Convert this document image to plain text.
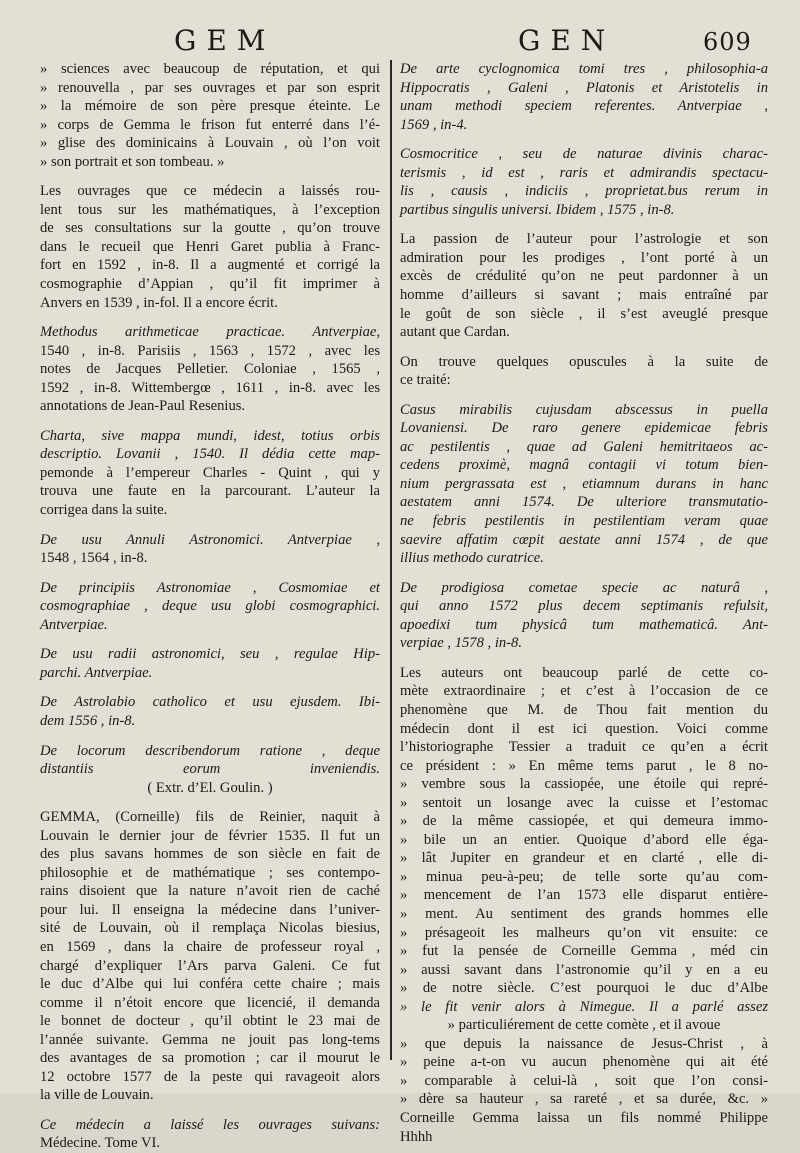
GEM	GEN	609
» sciences avec beaucoup de réputation, et qui
» renouvella , par ses ouvrages et par son esprit
» la mémoire de son père presque éteinte. Le
» corps de Gemma le frison fut enterré dans l’é-
» glise des dominicains à Louvain , où l’on voit
» son portrait et son tombeau. »
Les ouvrages que ce médecin a laissés rou-
lent tous sur les mathématiques, à l’exception
de ses consultations sur la goutte , qu’on trouve
dans le recueil que Henri Garet publia à Franc-
fort en 1592 , in-8. Il a augmenté et corrigé la
cosmographie d’Appian , qu’il fit imprimer à
Anvers en 1539 , in-fol. Il a encore écrit.
Methodus arithmeticae practicae. Antverpiae,
1540 , in-8. Parisiis , 1563 , 1572 , avec les
notes de Jacques Pelletier. Coloniae , 1565 ,
1592 , in-8. Wittembergœ , 1611 , in-8. avec les
annotations de Jean-Paul Resenius.
Charta, sive mappa mundi, idest, totius orbis
descriptio. Lovanii , 1540. Il dédia cette map-
pemonde à l’empereur Charles - Quint , qui y
trouva une faute en la parcourant. L’auteur la
corrigea dans la suite.
De usu Annuli Astronomici. Antverpiae ,
1548 , 1564 , in-8.
De principiis Astronomiae , Cosmomiae et
cosmographiae , deque usu globi cosmographici.
Antverpiae.
De usu radii astronomici, seu , regulae Hip-
parchi. Antverpiae.
De Astrolabio catholico et usu ejusdem. Ibi-
dem 1556 , in-8.
De locorum describendorum ratione , deque
distantiis eorum inveniendis.
( Extr. d’El. Goulin. )
GEMMA, (Corneille) fils de Reinier, naquit à
Louvain le dernier jour de février 1535. Il fut un
des plus savans hommes de son siècle en fait de
philosophie et de mathématique ; ses contempo-
rains disoient que la nature n’avoit rien de caché
pour lui. Il enseigna la médecine dans l’univer-
sité de Louvain, où il remplaça Nicolas biesius,
en 1569 , dans la chaire de professeur royal ,
chargé d’expliquer l’Ars parva Galeni. Ce fut
le duc d’Albe qui lui conféra cette chaire ; mais
comme il n’étoit encore que licencié, il demanda
le bonnet de docteur , qu’il obtint le 23 mai de
l’année suivante. Gemma ne jouit pas long-tems
des avantages de sa promotion ; car il mourut le
12 octobre 1577 de la peste qui ravageoit alors
la ville de Louvain.
Ce médecin a laissé les ouvrages suivans:
Médecine. Tome VI.
De arte cyclognomica tomi tres , philosophia-a
Hippocratis , Galeni , Platonis et Aristotelis in
unam methodi speciem referentes. Antverpiae ,
1569 , in-4.
Cosmocritice , seu de naturae divinis charac-
terismis , id est , raris et admirandis spectacu-
lis , causis , indiciis , proprietat.bus rerum in
partibus singulis universi. Ibidem , 1575 , in-8.
La passion de l’auteur pour l’astrologie et son
admiration pour les prodiges , l’ont porté à un
excès de crédulité qu’on ne peut pardonner à un
homme d’ailleurs si savant ; mais entraîné par
le goût de son siècle , il s’est aveuglé presque
autant que Cardan.
On trouve quelques opuscules à la suite de
ce traité:
Casus mirabilis cujusdam abscessus in puella
Lovaniensi. De raro genere epidemicae febris
ac pestilentis , quae ad Galeni hemitritaeos ac-
cedens proximè, magnâ contagii vi totum bien-
nium pergrassata est , etiamnum durans in hanc
aestatem anni 1574. De ulteriore transmutatio-
ne febris pestilentis in pestilentiam veram quae
saevire affatim cœpit aestate anni 1574 , de que
illius methodo curatrice.
De prodigiosa cometae specie ac naturâ ,
qui anno 1572 plus decem septimanis refulsit,
apoedixi tum physicâ tum mathematicâ. Ant-
verpiae , 1578 , in-8.
Les auteurs ont beaucoup parlé de cette co-
mète extraordinaire ; et c’est à l’occasion de ce
phenomène que M. de Thou fait mention du
médecin dont il est ici question. Voici comme
l’historiographe Tessier a traduit ce qu’en a écrit
ce président : » En même tems parut , le 8 no-
» vembre sous la cassiopée, une étoile qui repré-
» sentoit un losange avec la cuisse et l’estomac
» de la même cassiopée, et qui demeura immo-
» bile un an entier. Quoique d’abord elle éga-
» lât Jupiter en grandeur et en clarté , elle di-
» minua peu-à-peu; de telle sorte qu’au com-
» mencement de l’an 1573 elle disparut entière-
» ment. Au sentiment des grands hommes elle
» présageoit les malheurs qu’on vit ensuite: ce
» fut la pensée de Corneille Gemma , méd cin
» aussi savant dans l’astronomie qu’il y en a eu
» de notre siècle. C’est pourquoi le duc d’Albe
» le fit venir alors à Nimegue. Il a parlé assez
» particuliérement de cette comète , et il avoue
» que depuis la naissance de Jesus-Christ , à
» peine a-t-on vu aucun phenomène qui ait été
» comparable à celui-là , soit que l’on consi-
» dère sa hauteur , sa rareté , et sa durée, &c. »
Corneille Gemma laissa un fils nommé Philippe
Hhhh
